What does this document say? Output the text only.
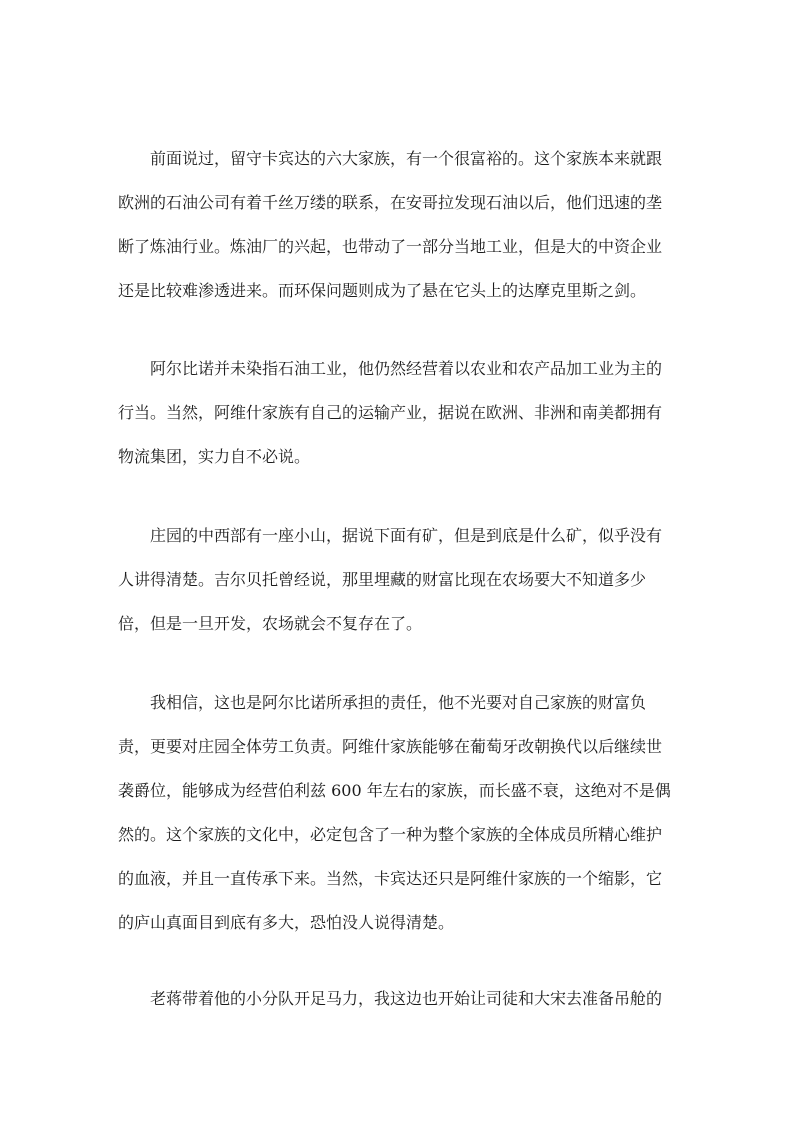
前面说过，留守卡宾达的六大家族，有一个很富裕的。这个家族本来就跟
欧洲的石油公司有着千丝万缕的联系，在安哥拉发现石油以后，他们迅速的垄
断了炼油行业。炼油厂的兴起，也带动了一部分当地工业，但是大的中资企业
还是比较难渗透进来。而环保问题则成为了悬在它头上的达摩克里斯之剑。
阿尔比诺并未染指石油工业，他仍然经营着以农业和农产品加工业为主的
行当。当然，阿维什家族有自己的运输产业，据说在欧洲、非洲和南美都拥有
物流集团，实力自不必说。
庄园的中西部有一座小山，据说下面有矿，但是到底是什么矿，似乎没有
人讲得清楚。吉尔贝托曾经说，那里埋藏的财富比现在农场要大不知道多少
倍，但是一旦开发，农场就会不复存在了。
我相信，这也是阿尔比诺所承担的责任，他不光要对自己家族的财富负
责，更要对庄园全体劳工负责。阿维什家族能够在葡萄牙改朝换代以后继续世
袭爵位，能够成为经营伯利兹 600 年左右的家族，而长盛不衰，这绝对不是偶
然的。这个家族的文化中，必定包含了一种为整个家族的全体成员所精心维护
的血液，并且一直传承下来。当然，卡宾达还只是阿维什家族的一个缩影，它
的庐山真面目到底有多大，恐怕没人说得清楚。
老蒋带着他的小分队开足马力，我这边也开始让司徒和大宋去准备吊舱的
